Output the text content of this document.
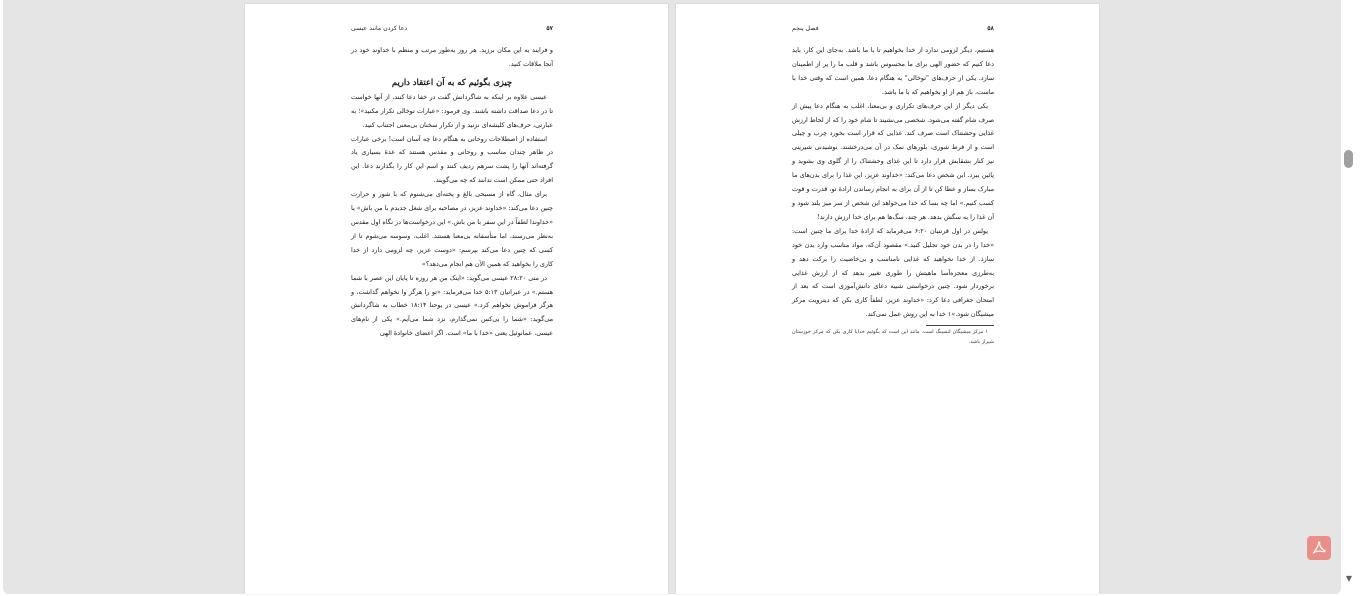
۵۷
دعا کردن مانند عیسی

و فرایند به این مکان برزید. هر روز به‌طور مرتب و منظم با خداوند خود در آنجا ملاقات کنید.

چیزی بگوئیم که به آن اعتقاد داریم

عیسی علاوه بر اینکه به شاگردانش گفت در خفا دعا کنند، از آنها خواست تا در دعا صداقت داشته باشند. وی فرمود: «عبارات توخالی تکرار مکنید»؛ به عبارتی، حرف‌های کلیشه‌ای نزنید و از تکرار سخنان بی‌معنی اجتناب کنید.

استفاده از اصطلاحات روحانی به هنگام دعا چه آسان است! برخی عبارات در ظاهر چندان مناسب و روحانی و مقدس هستند که عدهٔ بسیاری یاد گرفته‌اند آنها را پشت سرهم ردیف کنند و اسم این کار را بگذارند دعا. این افراد حتی ممکن است ندانند که چه می‌گویند.

برای مثال، گاه از مسیحی بالغ و پخته‌ای می‌شنوم که با شور و حرارت چنین دعا می‌کند: «خداوند عزیز، در مصاحبه برای شغل جدیدم با من باش» یا «خداوندا لطفاً در این سفر با من باش.» این درخواست‌ها در نگاه اول مقدس به‌نظر می‌رسند، اما متأسفانه بی‌معنا هستند. اغلب، وسوسه می‌شوم تا از کسی که چنین دعا می‌کند بپرسم: «دوست عزیز، چه لزومی دارد از خدا کاری را بخواهید که همین الآن هم انجام می‌دهد؟»

در متی ۲۸:۲۰ عیسی می‌گوید: «اینک من هر روزه تا پایان این عصر با شما هستم.» در عبرانیان ۵:۱۳ خدا می‌فرماید: «تو را هرگز وا نخواهم گذاشت، و هرگز فراموش نخواهم کرد.» عیسی در یوحنا ۱۸:۱۴ خطاب به شاگردانش می‌گوید: «شما را بی‌کس نمی‌گذارم، نزد شما می‌آیم.» یکی از نام‌های عیسی، عمانوئیل یعنی «خدا با ما» است. اگر اعضای خانوادهٔ الهی

۵۸
فصل پنجم

هستیم، دیگر لزومی ندارد از خدا بخواهیم تا با ما باشد. به‌جای این کار، باید دعا کنیم که حضور الهی برای ما محسوس باشد و قلب ما را پر از اطمینان سازد. یکی از حرف‌های "توخالی" به هنگام دعا، همین است که وقتی خدا با ماست، باز هم از او بخواهیم که با ما باشد.

یکی دیگر از این حرف‌های تکراری و بی‌معنا، اغلب به هنگام دعا پیش از صرف شام گفته می‌شود. شخصی می‌نشیند تا شام خود را که از لحاظ ارزش غذایی وحشتناک است صرف کند. غذایی که قرار است بخورد چرب و چیلی است و از فرط شوری، بلورهای نمک در آن می‌درخشند. نوشیدنی شیرینی نیز کنار بشقابش قرار دارد تا این غذای وحشتناک را از گلوی وی بشوید و پائین ببرد. این شخص دعا می‌کند: «خداوند عزیز، این غذا را برای بدن‌های ما مبارک بساز و عطا کن تا از آن برای به انجام رساندن ارادهٔ تو، قدرت و قوت کسب کنیم.» اما چه بسا که خدا می‌خواهد این شخص از سر میز بلند شود و آن غذا را به سگش بدهد. هر چند، سگ‌ها هم برای خدا ارزش دارند!

پولس در اول قرنتیان ۶:۲۰ می‌فرماید که ارادهٔ خدا برای ما چنین است: «خدا را در بدن خود تجلیل کنید.» مقصود آن‌که، مواد مناسب وارد بدن خود سازد. از خدا نخواهید که غذایی نامناسب و بی‌خاصیت را برکت دهد و به‌طرزی معجزه‌آسا ماهیتش را طوری تغییر بدهد که از ارزش غذایی برخوردار شود. چنین درخواستی شبیه دعای دانش‌آموزی است که بعد از امتحان جغرافی دعا کرد: «خداوند عزیز، لطفاً کاری بکن که دیترویت مرکز میشیگان شود.»۱ خدا به این روش عمل نمی‌کند.

۱ مرکز میشیگان لنسینگ است. مانند این است که بگوئیم خدایا کاری بکن که مرکز خوزستان شیراز باشد.

▼
